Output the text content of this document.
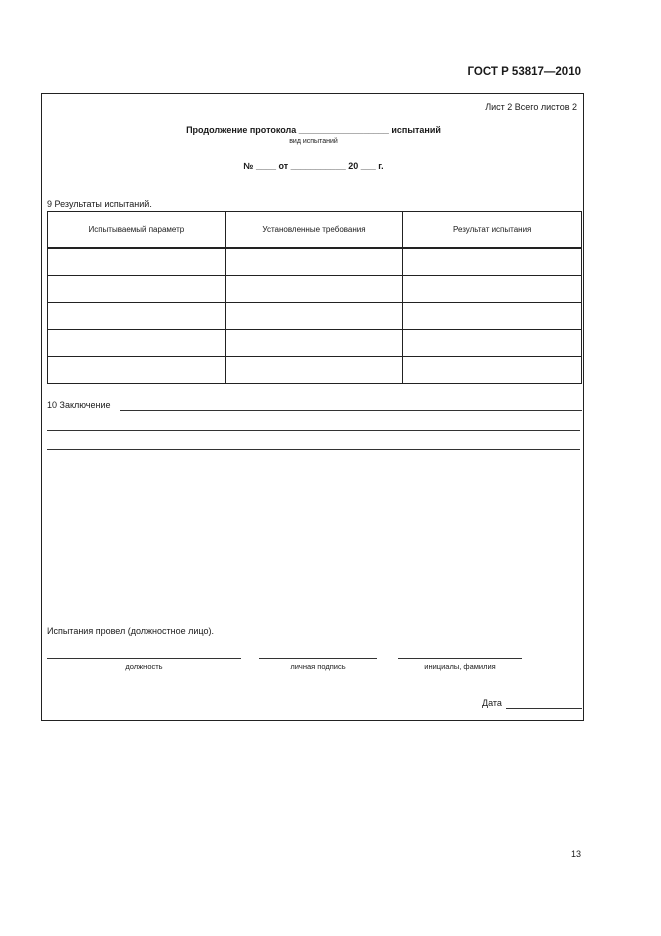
ГОСТ Р 53817—2010
Лист 2 Всего листов 2
Продолжение протокола __________________ испытаний
вид испытаний
№ ____ от ___________ 20 ___ г.
9 Результаты испытаний.
Испытываемый параметр	Установленные требования	Результат испытания

10 Заключение
Испытания провел (должностное лицо).
должность	личная подпись	инициалы, фамилия
Дата
13
